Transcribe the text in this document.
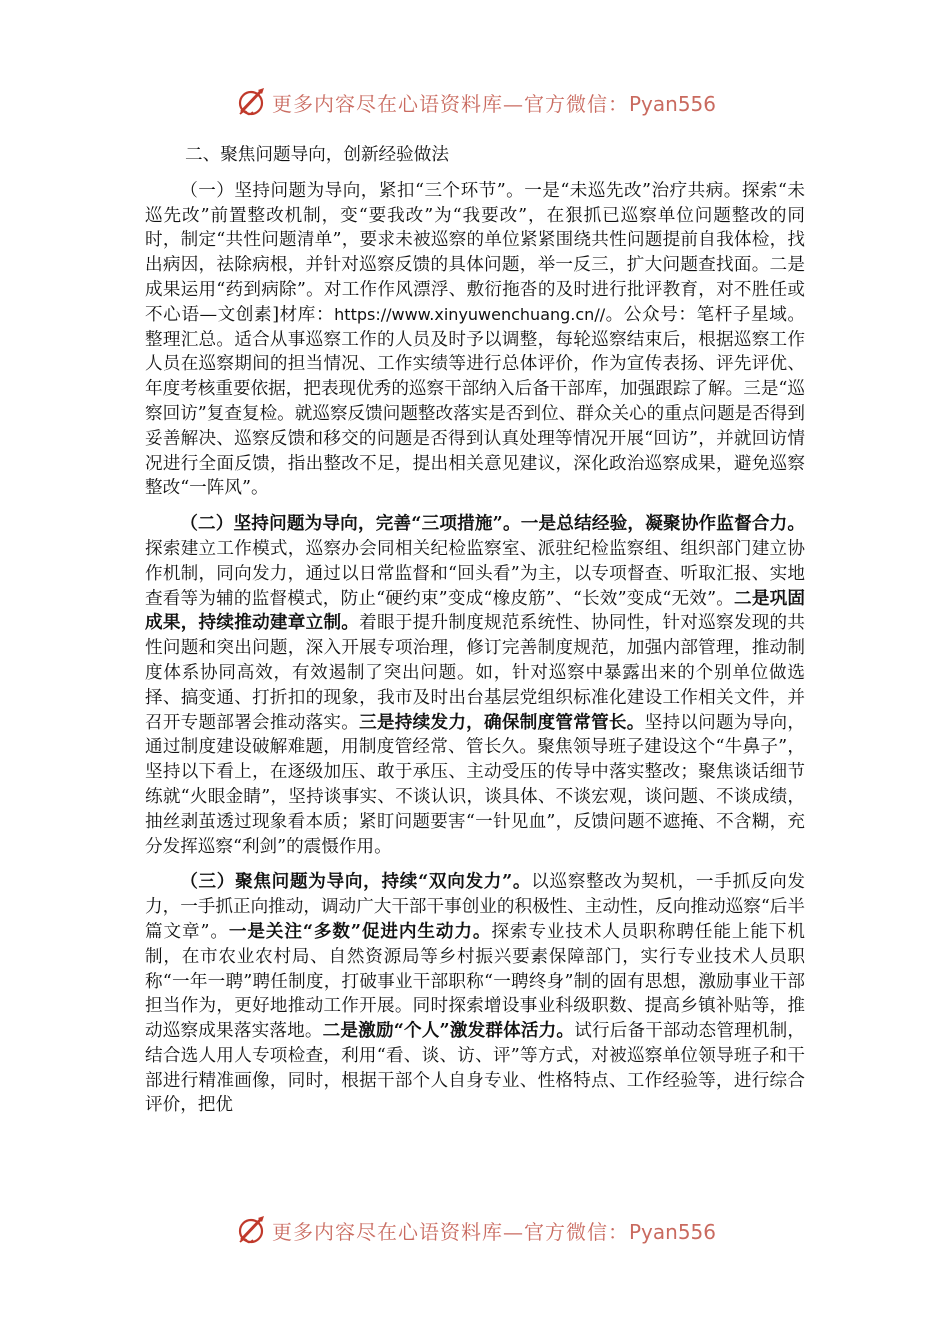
更多内容尽在心语资料库—官方微信：Pyan556
二、聚焦问题导向，创新经验做法

（一）坚持问题为导向，紧扣“三个环节”。一是“未巡先改”治疗共病。探索“未巡先改”前置整改机制，变“要我改”为“我要改”，在狠抓已巡察单位问题整改的同时，制定“共性问题清单”，要求未被巡察的单位紧紧围绕共性问题提前自我体检，找出病因，祛除病根，并针对巡察反馈的具体问题，举一反三，扩大问题查找面。二是成果运用“药到病除”。对工作作风漂浮、敷衍拖沓的及时进行批评教育，对不胜任或不心语—文创素]材库：https://www.xinyuwenchuang.cn//。公众号：笔杆子星域。整理汇总。适合从事巡察工作的人员及时予以调整，每轮巡察结束后，根据巡察工作人员在巡察期间的担当情况、工作实绩等进行总体评价，作为宣传表扬、评先评优、年度考核重要依据，把表现优秀的巡察干部纳入后备干部库，加强跟踪了解。三是“巡察回访”复查复检。就巡察反馈问题整改落实是否到位、群众关心的重点问题是否得到妥善解决、巡察反馈和移交的问题是否得到认真处理等情况开展“回访”，并就回访情况进行全面反馈，指出整改不足，提出相关意见建议，深化政治巡察成果，避免巡察整改“一阵风”。

（二）坚持问题为导向，完善“三项措施”。一是总结经验，凝聚协作监督合力。探索建立工作模式，巡察办会同相关纪检监察室、派驻纪检监察组、组织部门建立协作机制，同向发力，通过以日常监督和“回头看”为主，以专项督查、听取汇报、实地查看等为辅的监督模式，防止“硬约束”变成“橡皮筋”、“长效”变成“无效”。二是巩固成果，持续推动建章立制。着眼于提升制度规范系统性、协同性，针对巡察发现的共性问题和突出问题，深入开展专项治理，修订完善制度规范，加强内部管理，推动制度体系协同高效，有效遏制了突出问题。如，针对巡察中暴露出来的个别单位做选择、搞变通、打折扣的现象，我市及时出台基层党组织标准化建设工作相关文件，并召开专题部署会推动落实。三是持续发力，确保制度管常管长。坚持以问题为导向，通过制度建设破解难题，用制度管经常、管长久。聚焦领导班子建设这个“牛鼻子”，坚持以下看上，在逐级加压、敢于承压、主动受压的传导中落实整改；聚焦谈话细节练就“火眼金睛”，坚持谈事实、不谈认识，谈具体、不谈宏观，谈问题、不谈成绩，抽丝剥茧透过现象看本质；紧盯问题要害“一针见血”，反馈问题不遮掩、不含糊，充分发挥巡察“利剑”的震慑作用。

（三）聚焦问题为导向，持续“双向发力”。以巡察整改为契机，一手抓反向发力，一手抓正向推动，调动广大干部干事创业的积极性、主动性，反向推动巡察“后半篇文章”。一是关注“多数”促进内生动力。探索专业技术人员职称聘任能上能下机制，在市农业农村局、自然资源局等乡村振兴要素保障部门，实行专业技术人员职称“一年一聘”聘任制度，打破事业干部职称“一聘终身”制的固有思想，激励事业干部担当作为，更好地推动工作开展。同时探索增设事业科级职数、提高乡镇补贴等，推动巡察成果落实落地。二是激励“个人”激发群体活力。试行后备干部动态管理机制，结合选人用人专项检查，利用“看、谈、访、评”等方式，对被巡察单位领导班子和干部进行精准画像，同时，根据干部个人自身专业、性格特点、工作经验等，进行综合评价，把优

更多内容尽在心语资料库—官方微信：Pyan556
